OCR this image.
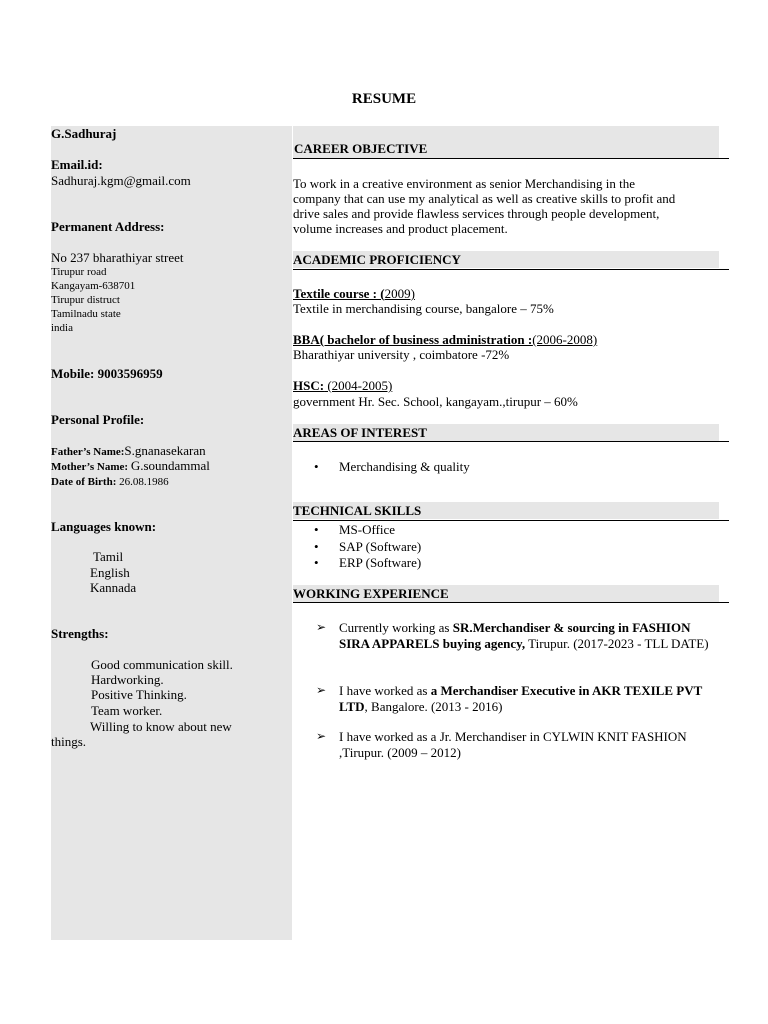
RESUME
G.Sadhuraj
Email.id:
Sadhuraj.kgm@gmail.com
Permanent Address:
No 237 bharathiyar street
Tirupur road
Kangayam-638701
Tirupur distruct
Tamilnadu state
india
Mobile: 9003596959
Personal Profile:
Father’s Name:S.gnanasekaran
Mother’s Name: G.soundammal
Date of Birth: 26.08.1986
Languages known:
Tamil
English
Kannada
Strengths:
Good communication skill.
Hardworking.
Positive Thinking.
Team worker.
Willing to know about new
things.
CAREER OBJECTIVE
To work in a creative environment as senior Merchandising in the
company that can use my analytical as well as creative skills to profit and
drive sales and provide flawless services through people development,
volume increases and product placement.
ACADEMIC PROFICIENCY
Textile course : (2009)
Textile in merchandising course, bangalore – 75%
BBA( bachelor of business administration :(2006-2008)
Bharathiyar university , coimbatore -72%
HSC: (2004-2005)
government Hr. Sec. School, kangayam.,tirupur – 60%
AREAS OF INTEREST
• Merchandising & quality
TECHNICAL SKILLS
• MS-Office
• SAP (Software)
• ERP (Software)
WORKING EXPERIENCE
➢ Currently working as SR.Merchandiser & sourcing in FASHION SIRA APPARELS buying agency, Tirupur. (2017-2023 - TLL DATE)
➢ I have worked as a Merchandiser Executive in AKR TEXILE PVT LTD, Bangalore. (2013 - 2016)
➢ I have worked as a Jr. Merchandiser in CYLWIN KNIT FASHION ,Tirupur. (2009 – 2012)
